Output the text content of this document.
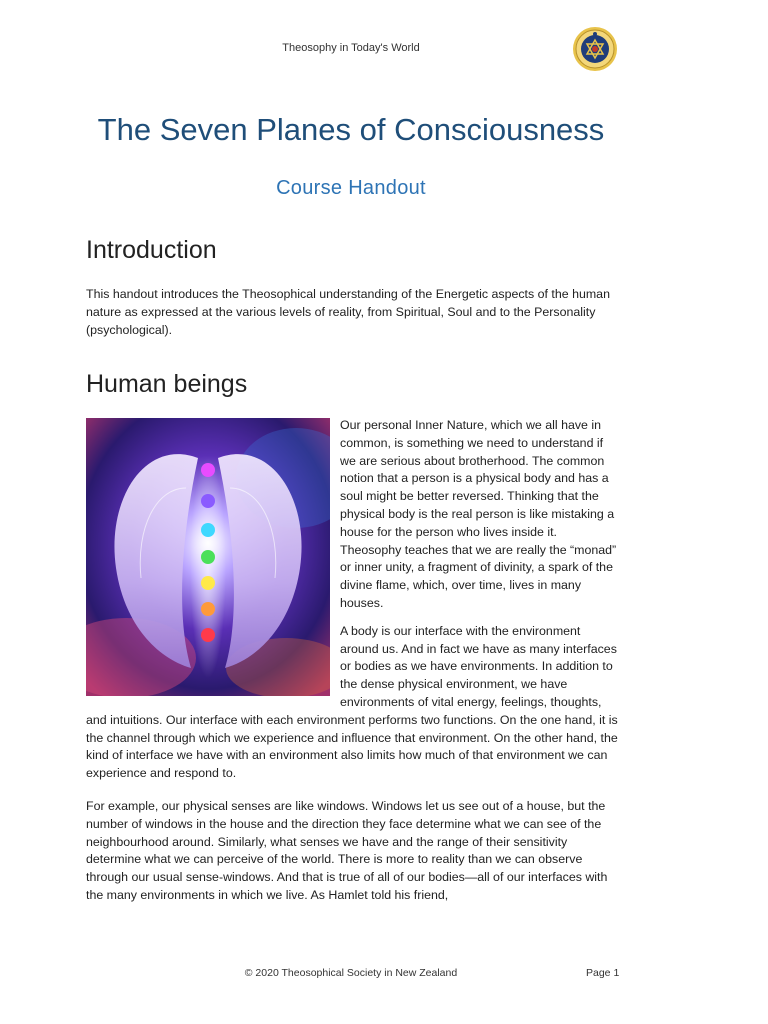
Theosophy in Today's World
The Seven Planes of Consciousness
Course Handout
Introduction

This handout introduces the Theosophical understanding of the Energetic aspects of the human nature as expressed at the various levels of reality, from Spiritual, Soul and to the Personality (psychological).

Human beings

Our personal Inner Nature, which we all have in common, is something we need to understand if we are serious about brotherhood. The common notion that a person is a physical body and has a soul might be better reversed. Thinking that the physical body is the real person is like mistaking a house for the person who lives inside it. Theosophy teaches that we are really the “monad” or inner unity, a fragment of divinity, a spark of the divine flame, which, over time, lives in many houses.

A body is our interface with the environment around us. And in fact we have as many interfaces or bodies as we have environments. In addition to the dense physical environment, we have environments of vital energy, feelings, thoughts, and intuitions. Our interface with each environment performs two functions. On the one hand, it is the channel through which we experience and influence that environment. On the other hand, the kind of interface we have with an environment also limits how much of that environment we can experience and respond to.

For example, our physical senses are like windows. Windows let us see out of a house, but the number of windows in the house and the direction they face determine what we can see of the neighbourhood around. Similarly, what senses we have and the range of their sensitivity determine what we can perceive of the world. There is more to reality than we can observe through our usual sense-windows. And that is true of all of our bodies—all of our interfaces with the many environments in which we live. As Hamlet told his friend,

© 2020 Theosophical Society in New Zealand	Page 1
